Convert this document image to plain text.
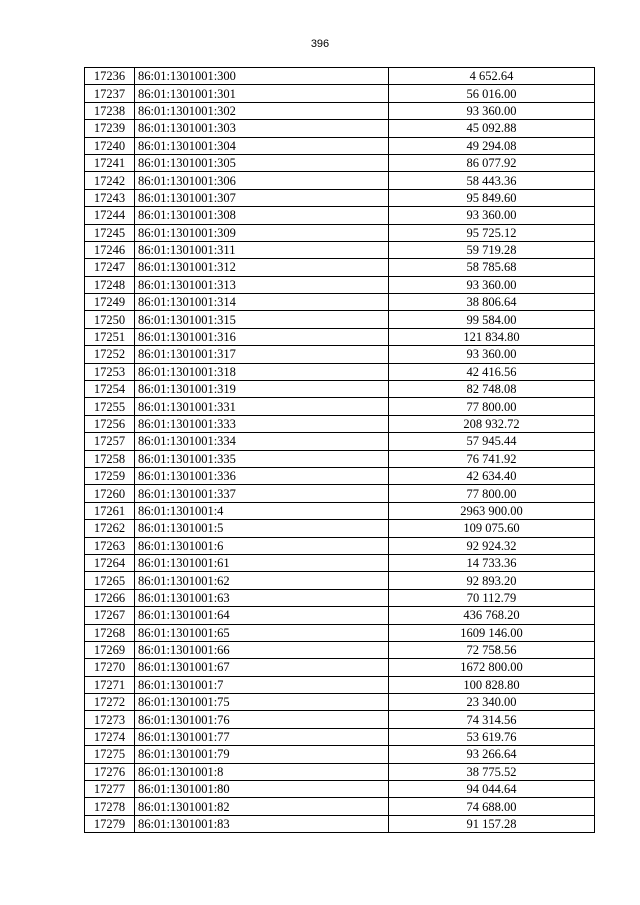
396
17236	86:01:1301001:300	4 652.64
17237	86:01:1301001:301	56 016.00
17238	86:01:1301001:302	93 360.00
17239	86:01:1301001:303	45 092.88
17240	86:01:1301001:304	49 294.08
17241	86:01:1301001:305	86 077.92
17242	86:01:1301001:306	58 443.36
17243	86:01:1301001:307	95 849.60
17244	86:01:1301001:308	93 360.00
17245	86:01:1301001:309	95 725.12
17246	86:01:1301001:311	59 719.28
17247	86:01:1301001:312	58 785.68
17248	86:01:1301001:313	93 360.00
17249	86:01:1301001:314	38 806.64
17250	86:01:1301001:315	99 584.00
17251	86:01:1301001:316	121 834.80
17252	86:01:1301001:317	93 360.00
17253	86:01:1301001:318	42 416.56
17254	86:01:1301001:319	82 748.08
17255	86:01:1301001:331	77 800.00
17256	86:01:1301001:333	208 932.72
17257	86:01:1301001:334	57 945.44
17258	86:01:1301001:335	76 741.92
17259	86:01:1301001:336	42 634.40
17260	86:01:1301001:337	77 800.00
17261	86:01:1301001:4	2963 900.00
17262	86:01:1301001:5	109 075.60
17263	86:01:1301001:6	92 924.32
17264	86:01:1301001:61	14 733.36
17265	86:01:1301001:62	92 893.20
17266	86:01:1301001:63	70 112.79
17267	86:01:1301001:64	436 768.20
17268	86:01:1301001:65	1609 146.00
17269	86:01:1301001:66	72 758.56
17270	86:01:1301001:67	1672 800.00
17271	86:01:1301001:7	100 828.80
17272	86:01:1301001:75	23 340.00
17273	86:01:1301001:76	74 314.56
17274	86:01:1301001:77	53 619.76
17275	86:01:1301001:79	93 266.64
17276	86:01:1301001:8	38 775.52
17277	86:01:1301001:80	94 044.64
17278	86:01:1301001:82	74 688.00
17279	86:01:1301001:83	91 157.28
